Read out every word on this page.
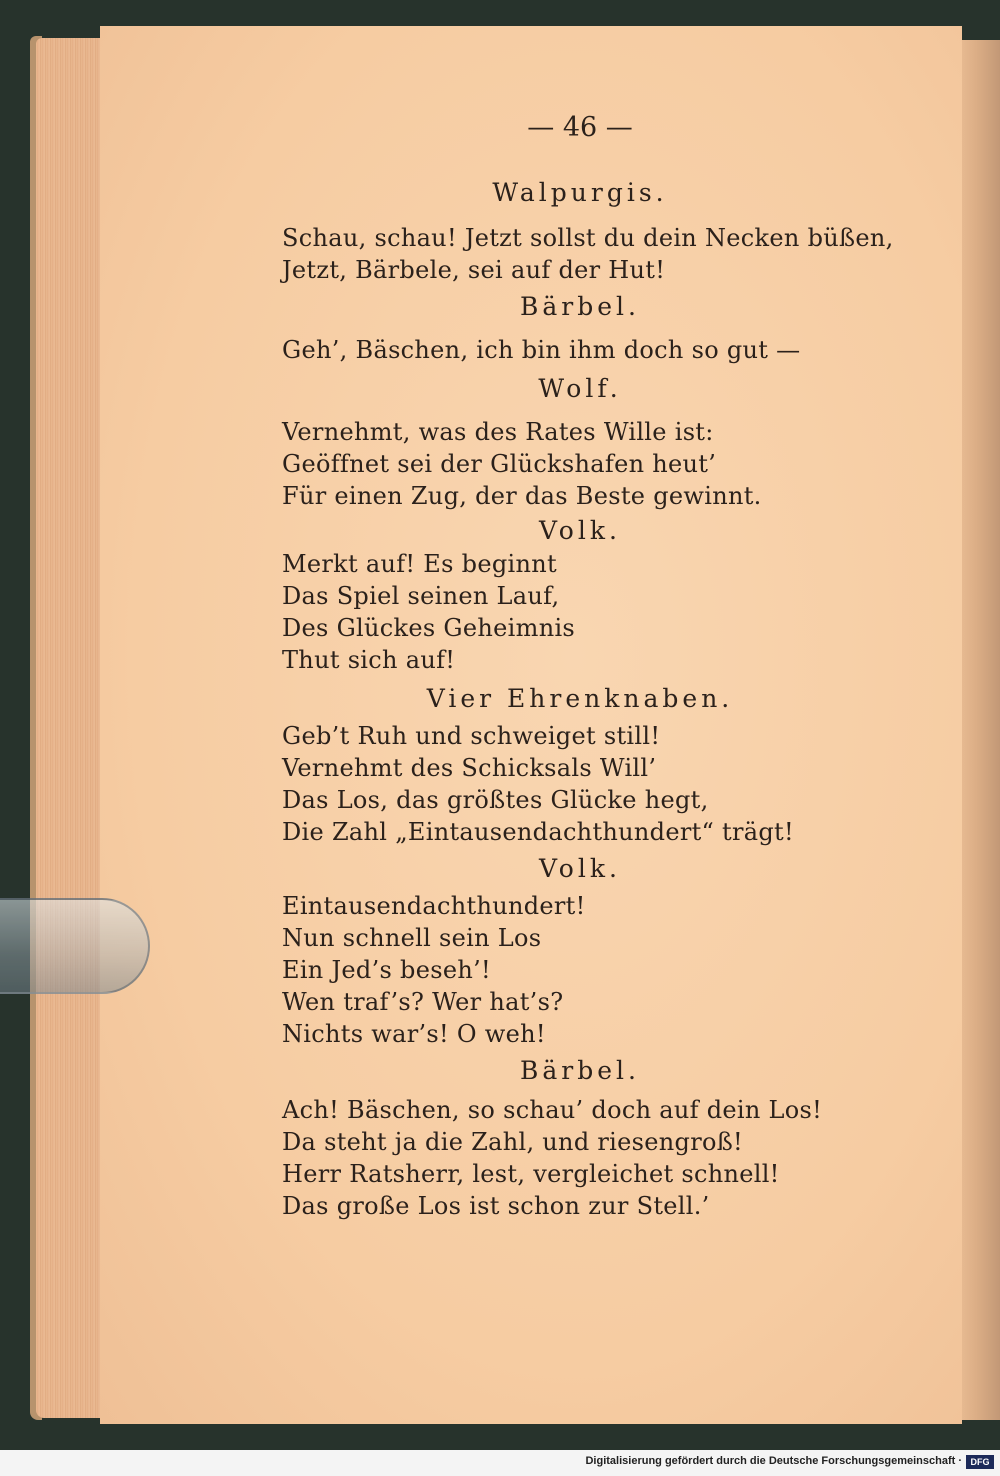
— 46 —
Walpurgis.
Schau, schau! Jetzt sollst du dein Necken büßen,
Jetzt, Bärbele, sei auf der Hut!
Bärbel.
Geh’, Bäschen, ich bin ihm doch so gut —
Wolf.
Vernehmt, was des Rates Wille ist:
Geöffnet sei der Glückshafen heut’
Für einen Zug, der das Beste gewinnt.
Volk.
Merkt auf! Es beginnt
Das Spiel seinen Lauf,
Des Glückes Geheimnis
Thut sich auf!
Vier Ehrenknaben.
Geb’t Ruh und schweiget still!
Vernehmt des Schicksals Will’
Das Los, das größtes Glücke hegt,
Die Zahl „Eintausendachthundert“ trägt!
Volk.
Eintausendachthundert!
Nun schnell sein Los
Ein Jed’s beseh’!
Wen traf’s? Wer hat’s?
Nichts war’s! O weh!
Bärbel.
Ach! Bäschen, so schau’ doch auf dein Los!
Da steht ja die Zahl, und riesengroß!
Herr Ratsherr, lest, vergleichet schnell!
Das große Los ist schon zur Stell.’
Digitalisierung gefördert durch die Deutsche Forschungsgemeinschaft · DFG
